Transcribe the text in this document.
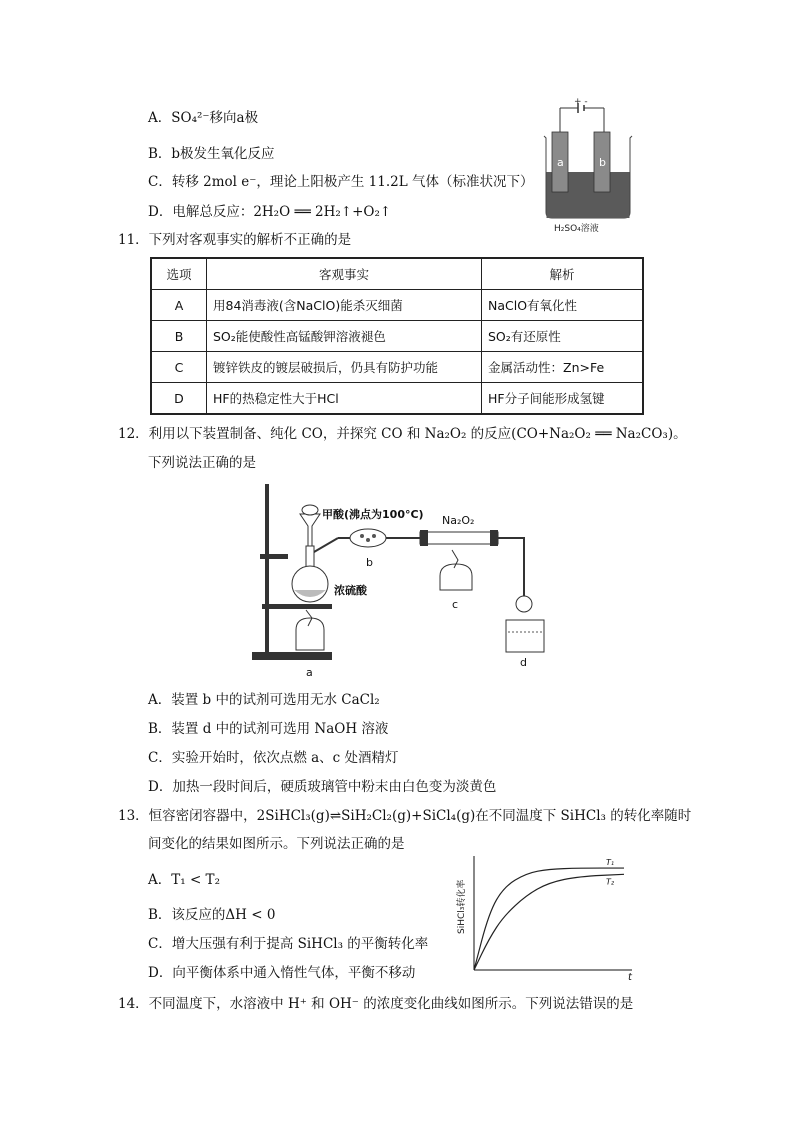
A．SO₄²⁻移向a极
B．b极发生氧化反应
C．转移 2mol e⁻，理论上阳极产生 11.2L 气体（标准状况下）
D．电解总反应：2H₂O ══ 2H₂↑+O₂↑
+ -
a	b
H₂SO₄溶液
11．下列对客观事实的解析不正确的是
选项	客观事实	解析
A	用84消毒液(含NaClO)能杀灭细菌	NaClO有氧化性
B	SO₂能使酸性高锰酸钾溶液褪色	SO₂有还原性
C	镀锌铁皮的镀层破损后，仍具有防护功能	金属活动性：Zn>Fe
D	HF的热稳定性大于HCl	HF分子间能形成氢键
12．利用以下装置制备、纯化 CO，并探究 CO 和 Na₂O₂ 的反应(CO+Na₂O₂ ══ Na₂CO₃)。
下列说法正确的是
甲酸(沸点为100°C)
浓硫酸
a
b
Na₂O₂
c
d
A．装置 b 中的试剂可选用无水 CaCl₂
B．装置 d 中的试剂可选用 NaOH 溶液
C．实验开始时，依次点燃 a、c 处酒精灯
D．加热一段时间后，硬质玻璃管中粉末由白色变为淡黄色
13．恒容密闭容器中，2SiHCl₃(g)⇌SiH₂Cl₂(g)+SiCl₄(g)在不同温度下 SiHCl₃ 的转化率随时
间变化的结果如图所示。下列说法正确的是
A．T₁ < T₂
B．该反应的ΔH < 0
C．增大压强有利于提高 SiHCl₃ 的平衡转化率
D．向平衡体系中通入惰性气体，平衡不移动
SiHCl₃转化率
t
T₁
T₂
14．不同温度下，水溶液中 H⁺ 和 OH⁻ 的浓度变化曲线如图所示。下列说法错误的是
